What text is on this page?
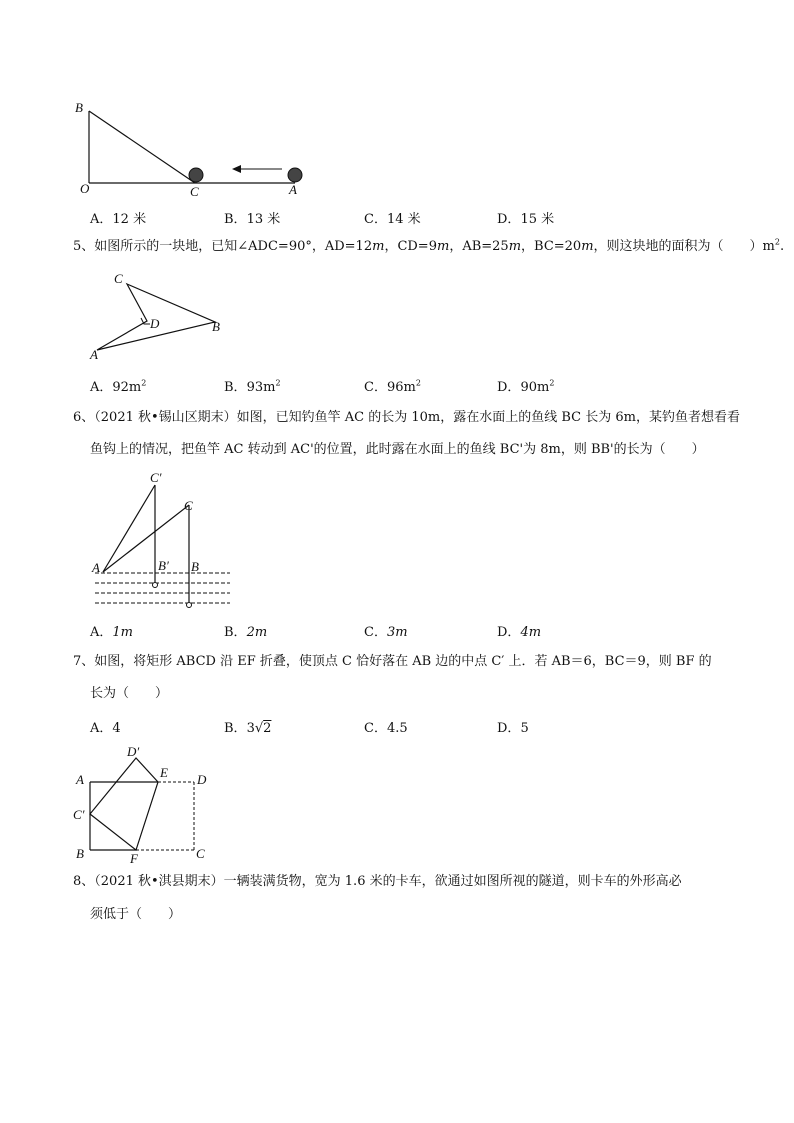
B
O	C	A
A．12 米	B．13 米	C．14 米	D．15 米
5、如图所示的一块地，已知∠ADC=90°，AD=12m，CD=9m，AB=25m，BC=20m，则这块地的面积为（　　）$m^2$.
C
D	B
A
A．$92m^2$	B．$93m^2$	C．$96m^2$	D．$90m^2$
6、（2021 秋•锡山区期末）如图，已知钓鱼竿 AC 的长为 10m，露在水面上的鱼线 BC 长为 6m，某钓鱼者想看看
鱼钩上的情况，把鱼竿 AC 转动到 AC'的位置，此时露在水面上的鱼线 BC'为 8m，则 BB'的长为（　　）
C′
C
A	B′ B
A．1m	B．2m	C．3m	D．4m
7、如图，将矩形 ABCD 沿 EF 折叠，使顶点 C 恰好落在 AB 边的中点 C′ 上．若 AB＝6，BC＝9，则 BF 的
长为（　　）
A．4	B．3√2	C．4.5	D．5
D′
A	E D
C′
B	F	C
8、（2021 秋•淇县期末）一辆装满货物，宽为 1.6 米的卡车，欲通过如图所视的隧道，则卡车的外形高必
须低于（　　）
